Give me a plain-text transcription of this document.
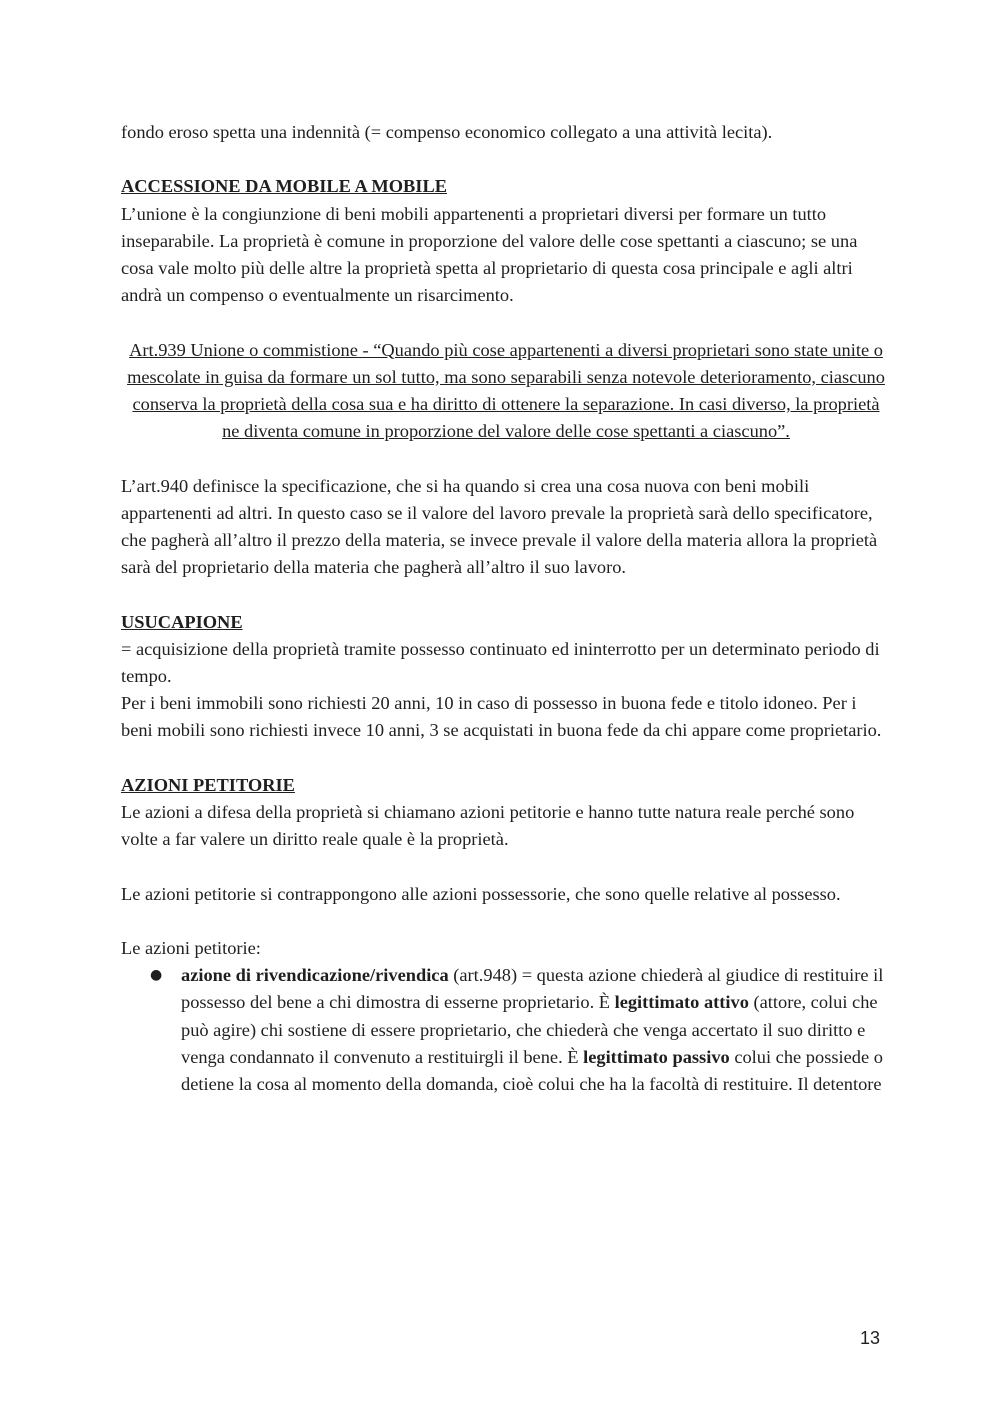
fondo eroso spetta una indennità (= compenso economico collegato a una attività lecita).

ACCESSIONE DA MOBILE A MOBILE

L’unione è la congiunzione di beni mobili appartenenti a proprietari diversi per formare un tutto inseparabile. La proprietà è comune in proporzione del valore delle cose spettanti a ciascuno; se una cosa vale molto più delle altre la proprietà spetta al proprietario di questa cosa principale e agli altri andrà un compenso o eventualmente un risarcimento.

Art.939 Unione o commistione - “Quando più cose appartenenti a diversi proprietari sono state unite o mescolate in guisa da formare un sol tutto, ma sono separabili senza notevole deterioramento, ciascuno conserva la proprietà della cosa sua e ha diritto di ottenere la separazione. In casi diverso, la proprietà ne diventa comune in proporzione del valore delle cose spettanti a ciascuno”.

L’art.940 definisce la specificazione, che si ha quando si crea una cosa nuova con beni mobili appartenenti ad altri. In questo caso se il valore del lavoro prevale la proprietà sarà dello specificatore, che pagherà all’altro il prezzo della materia, se invece prevale il valore della materia allora la proprietà sarà del proprietario della materia che pagherà all’altro il suo lavoro.

USUCAPIONE

= acquisizione della proprietà tramite possesso continuato ed ininterrotto per un determinato periodo di tempo.

Per i beni immobili sono richiesti 20 anni, 10 in caso di possesso in buona fede e titolo idoneo. Per i beni mobili sono richiesti invece 10 anni, 3 se acquistati in buona fede da chi appare come proprietario.

AZIONI PETITORIE

Le azioni a difesa della proprietà si chiamano azioni petitorie e hanno tutte natura reale perché sono volte a far valere un diritto reale quale è la proprietà.

Le azioni petitorie si contrappongono alle azioni possessorie, che sono quelle relative al possesso.

Le azioni petitorie:

● azione di rivendicazione/rivendica (art.948) = questa azione chiederà al giudice di restituire il possesso del bene a chi dimostra di esserne proprietario. È legittimato attivo (attore, colui che può agire) chi sostiene di essere proprietario, che chiederà che venga accertato il suo diritto e venga condannato il convenuto a restituirgli il bene. È legittimato passivo colui che possiede o detiene la cosa al momento della domanda, cioè colui che ha la facoltà di restituire. Il detentore
13
